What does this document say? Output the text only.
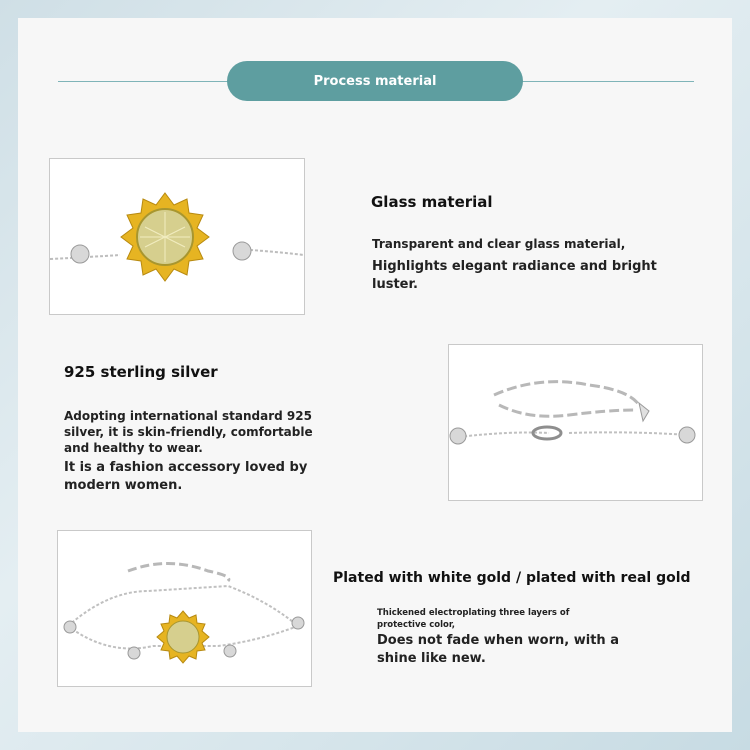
Process material
Glass material
Transparent and clear glass material,
Highlights elegant radiance and bright luster.
925 sterling silver
Adopting international standard 925 silver, it is skin-friendly, comfortable and healthy to wear.
It is a fashion accessory loved by modern women.
Plated with white gold / plated with real gold
Thickened electroplating three layers of protective color,
Does not fade when worn, with a shine like new.
